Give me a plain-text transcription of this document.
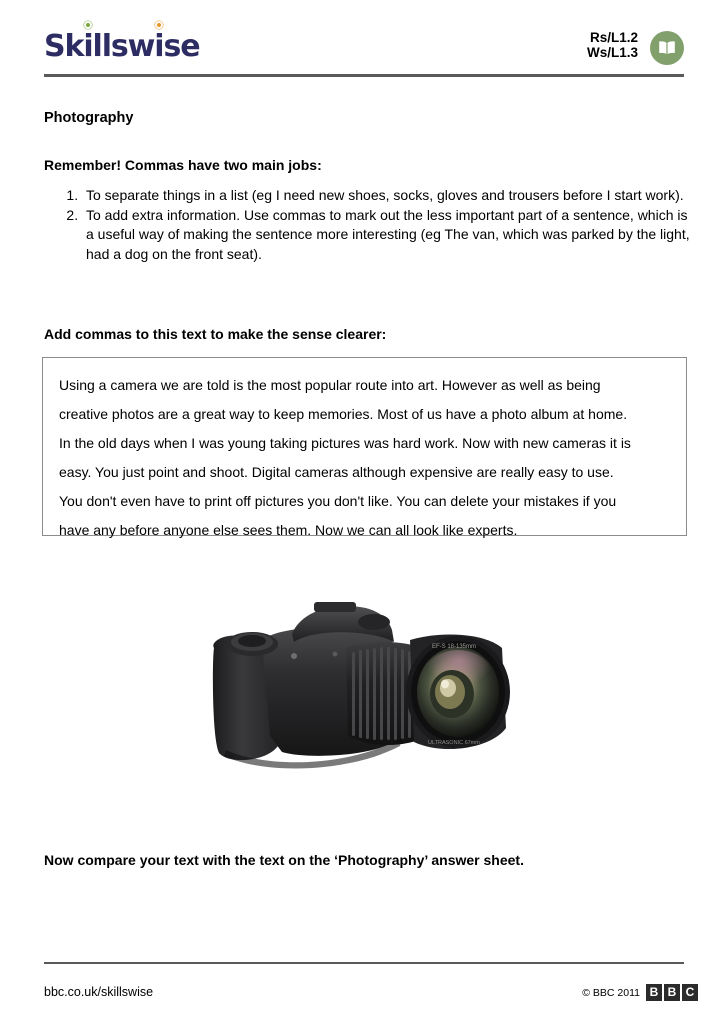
Sk
illsw
ise	Rs/L1.2
Ws/L1.3
Photography
Remember! Commas have two main jobs:
1. To separate things in a list (eg I need new shoes, socks, gloves and trousers before I start work).
2. To add extra information. Use commas to mark out the less important part of a sentence, which is a useful way of making the sentence more interesting (eg The van, which was parked by the light, had a dog on the front seat).
Add commas to this text to make the sense clearer:

Using a camera we are told is the most popular route into art. However as well as being

creative photos are a great way to keep memories. Most of us have a photo album at home.

In the old days when I was young taking pictures was hard work. Now with new cameras it is

easy. You just point and shoot. Digital cameras although expensive are really easy to use.

You don't even have to print off pictures you don't like. You can delete your mistakes if you

have any before anyone else sees them. Now we can all look like experts.

EF-S 18-135mm
ULTRASONIC 67mm
Now compare your text with the text on the ‘Photography’ answer sheet.
bbc.co.uk/skillswise	© BBC 2011 B B C
